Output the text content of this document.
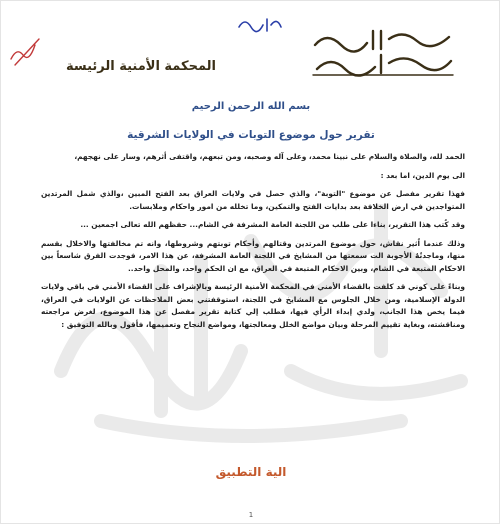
المحكمة الأمنية الرئيسة
بسم الله الرحمن الرحيم
تقرير حول موضوع التوبات في الولايات الشرقية

الحمد لله، والصلاة والسلام على نبينا محمد، وعلى آله وصحبه، ومن تبعهم، واقتفى أثرهم، وسار على نهجهم،

الى يوم الدين، اما بعد :

فهذا تقرير مفصل عن موضوع "التوبة"، والذي حصل في ولايات العراق بعد الفتح المبين ،والذي شمل المرتدين المتواجدين في ارض الخلافة بعد بدايات الفتح والتمكين، وما تخلله من امور واحكام وملابسات.

وقد كُتب هذا التقرير، بناءا على طلب من اللجنة العامة المشرفة في الشام... حفظهم الله تعالى اجمعين ...

وذلك عندما اُثير نقاش، حول موضوع المرتدين وقتالهم وأحكام توبتهم وشروطها، وانه تم مخالفتها والاخلال بقسم منها، وماجدتُهُ الأجوبة الت سمعتها من المشايخ في اللجنة العامة المشرفة، عن هذا الامر، فوجدت الفرق شاسعاً بين الاحكام المتبعة في الشام، وبين الاحكام المتبعة في العراق، مع ان الحكم واحد، والمحل واحد..

وبناءً على كوني قد كلفت بالقضاء الأمني في المحكمة الأمنية الرئيسة وبالإشراف على القضاء الأمني في باقي ولايات الدولة الإسلامية، ومن خلال الجلوس مع المشايخ في اللجنة، استوقفتني بعض الملاحظات عن الولايات في العراق، فيما يخص هذا الجانب، ولدي إبداء الرأي فيها، فطلب إلي كتابة تقرير مفصل عن هذا الموضوع، لغرض مراجعته ومناقشته، وبغاية تقييم المرحلة وبيان مواضع الخلل ومعالجتها، ومواضع النجاح وتعميمها، فأقول وبالله التوفيق :

الية التطبيق
1
